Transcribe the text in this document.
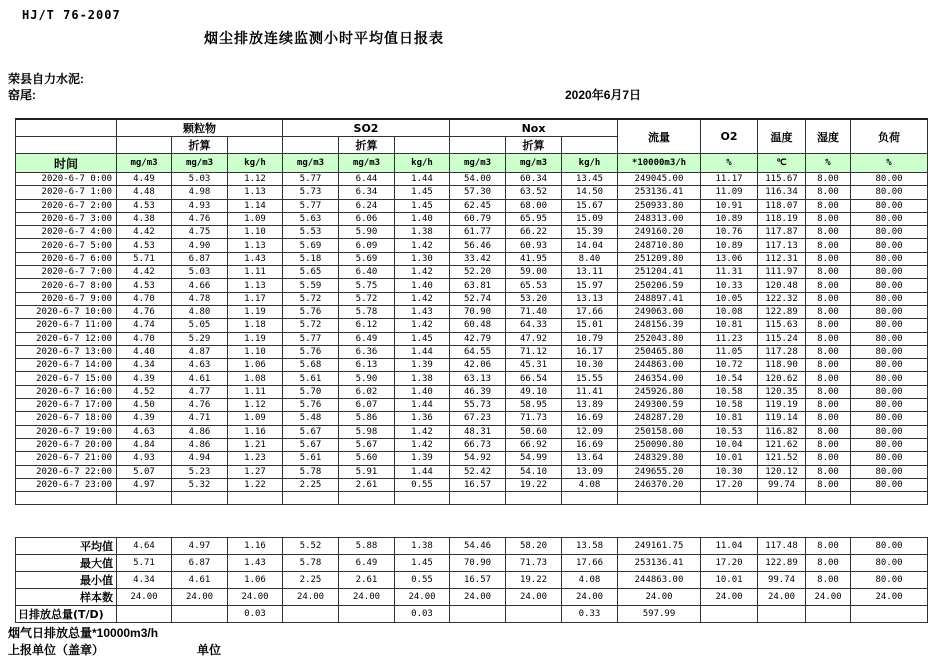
HJ/T 76-2007
烟尘排放连续监测小时平均值日报表
荣县自力水泥:
窑尾:	2020年6月7日
	颗粒物			SO2			Nox			流量	O2	温度	湿度	负荷
		折算			折算			折算						
时间	mg/m3	mg/m3	kg/h	mg/m3	mg/m3	kg/h	mg/m3	mg/m3	kg/h	*10000m3/h	%	℃	%	%
2020-6-7 0:00	4.49	5.03	1.12	5.77	6.44	1.44	54.00	60.34	13.45	249045.00	11.17	115.67	8.00	80.00
2020-6-7 1:00	4.48	4.98	1.13	5.73	6.34	1.45	57.30	63.52	14.50	253136.41	11.09	116.34	8.00	80.00
2020-6-7 2:00	4.53	4.93	1.14	5.77	6.24	1.45	62.45	68.00	15.67	250933.80	10.91	118.07	8.00	80.00
2020-6-7 3:00	4.38	4.76	1.09	5.63	6.06	1.40	60.79	65.95	15.09	248313.00	10.89	118.19	8.00	80.00
2020-6-7 4:00	4.42	4.75	1.10	5.53	5.90	1.38	61.77	66.22	15.39	249160.20	10.76	117.87	8.00	80.00
2020-6-7 5:00	4.53	4.90	1.13	5.69	6.09	1.42	56.46	60.93	14.04	248710.80	10.89	117.13	8.00	80.00
2020-6-7 6:00	5.71	6.87	1.43	5.18	5.69	1.30	33.42	41.95	8.40	251209.80	13.06	112.31	8.00	80.00
2020-6-7 7:00	4.42	5.03	1.11	5.65	6.40	1.42	52.20	59.00	13.11	251204.41	11.31	111.97	8.00	80.00
2020-6-7 8:00	4.53	4.66	1.13	5.59	5.75	1.40	63.81	65.53	15.97	250206.59	10.33	120.48	8.00	80.00
2020-6-7 9:00	4.70	4.78	1.17	5.72	5.72	1.42	52.74	53.20	13.13	248897.41	10.05	122.32	8.00	80.00
2020-6-7 10:00	4.76	4.80	1.19	5.76	5.78	1.43	70.90	71.40	17.66	249063.00	10.08	122.89	8.00	80.00
2020-6-7 11:00	4.74	5.05	1.18	5.72	6.12	1.42	60.48	64.33	15.01	248156.39	10.81	115.63	8.00	80.00
2020-6-7 12:00	4.70	5.29	1.19	5.77	6.49	1.45	42.79	47.92	10.79	252043.80	11.23	115.24	8.00	80.00
2020-6-7 13:00	4.40	4.87	1.10	5.76	6.36	1.44	64.55	71.12	16.17	250465.80	11.05	117.28	8.00	80.00
2020-6-7 14:00	4.34	4.63	1.06	5.68	6.13	1.39	42.06	45.31	10.30	244863.00	10.72	118.90	8.00	80.00
2020-6-7 15:00	4.39	4.61	1.08	5.61	5.90	1.38	63.13	66.54	15.55	246354.00	10.54	120.62	8.00	80.00
2020-6-7 16:00	4.52	4.77	1.11	5.70	6.02	1.40	46.39	49.10	11.41	245926.80	10.58	120.35	8.00	80.00
2020-6-7 17:00	4.50	4.76	1.12	5.76	6.07	1.44	55.73	58.95	13.89	249300.59	10.58	119.19	8.00	80.00
2020-6-7 18:00	4.39	4.71	1.09	5.48	5.86	1.36	67.23	71.73	16.69	248287.20	10.81	119.14	8.00	80.00
2020-6-7 19:00	4.63	4.86	1.16	5.67	5.98	1.42	48.31	50.60	12.09	250158.00	10.53	116.82	8.00	80.00
2020-6-7 20:00	4.84	4.86	1.21	5.67	5.67	1.42	66.73	66.92	16.69	250090.80	10.04	121.62	8.00	80.00
2020-6-7 21:00	4.93	4.94	1.23	5.61	5.60	1.39	54.92	54.99	13.64	248329.80	10.01	121.52	8.00	80.00
2020-6-7 22:00	5.07	5.23	1.27	5.78	5.91	1.44	52.42	54.10	13.09	249655.20	10.30	120.12	8.00	80.00
2020-6-7 23:00	4.97	5.32	1.22	2.25	2.61	0.55	16.57	19.22	4.08	246370.20	17.20	99.74	8.00	80.00

平均值	4.64	4.97	1.16	5.52	5.88	1.38	54.46	58.20	13.58	249161.75	11.04	117.48	8.00	80.00
最大值	5.71	6.87	1.43	5.78	6.49	1.45	70.90	71.73	17.66	253136.41	17.20	122.89	8.00	80.00
最小值	4.34	4.61	1.06	2.25	2.61	0.55	16.57	19.22	4.08	244863.00	10.01	99.74	8.00	80.00
样本数	24.00	24.00	24.00	24.00	24.00	24.00	24.00	24.00	24.00	24.00	24.00	24.00	24.00	24.00
日排放总量(T/D)			0.03			0.03			0.33	597.99				
烟气日排放总量*10000m3/h
上报单位（盖章）	单位
